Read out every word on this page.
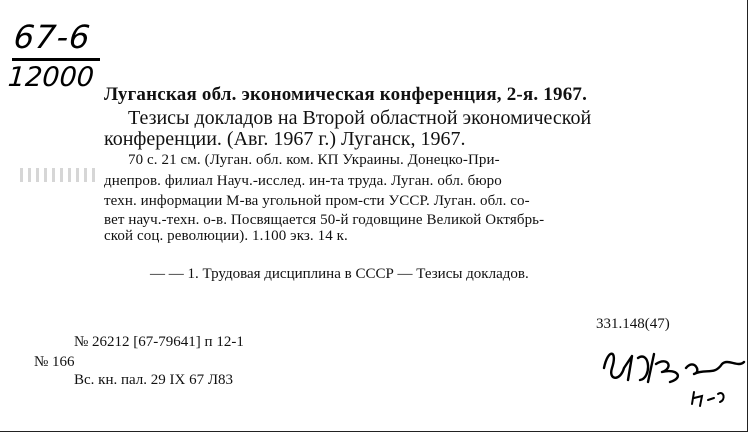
67-6
12000
Луганская обл. экономическая конференция, 2-я. 1967.
Тезисы докладов на Второй областной экономической
конференции. (Авг. 1967 г.) Луганск, 1967.
70 с. 21 см. (Луган. обл. ком. КП Украины. Донецко-При-
днепров. филиал Науч.-исслед. ин-та труда. Луган. обл. бюро
техн. информации М-ва угольной пром-сти УССР. Луган. обл. со-
вет науч.-техн. о-в. Посвящается 50-й годовщине Великой Октябрь-
ской соц. революции). 1.100 экз. 14 к.
— — 1. Трудовая дисциплина в СССР — Тезисы докладов.
331.148(47)
№ 26212 [67-79641] п 12-1
№ 166
Вс. кн. пал. 29 IX 67 Л83
